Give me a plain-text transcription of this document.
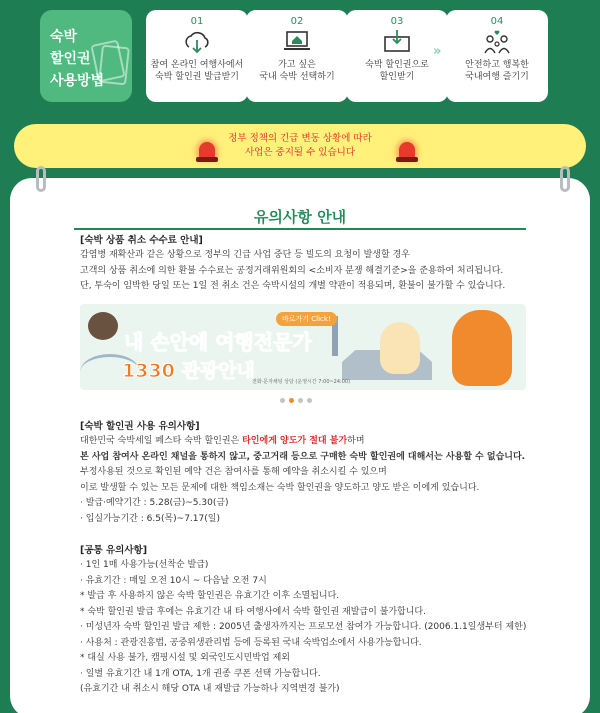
숙박
할인권
사용방법
01
참여 온라인 여행사에서
숙박 할인권 발급받기
02
가고 싶은
국내 숙박 선택하기
03
숙박 할인권으로
할인받기
04
안전하고 행복한
국내여행 즐기기
»
정부 정책의 긴급 변동 상황에 따라
사업은 중지될 수 있습니다
유의사항 안내
[숙박 상품 취소 수수료 안내]

감염병 재확산과 같은 상황으로 정부의 긴급 사업 중단 등 빌도의 요청이 발생할 경우

고객의 상품 취소에 의한 환불 수수료는 공정거래위원회의 <소비자 분쟁 해결기준>을 준용하여 처리됩니다.

단, 투숙이 임박한 당일 또는 1일 전 취소 건은 숙박시설의 개별 약관이 적용되며, 환불이 불가할 수 있습니다.

바로가기 Click!
내 손안에 여행전문가
1330 관광안내
전화·문자채팅 상담 (운영시간 7:00~24:00)
[숙박 할인권 사용 유의사항]

대한민국 숙박세일 페스타 숙박 할인권은 타인에게 양도가 절대 불가하며

본 사업 참여사 온라인 채널을 통하지 않고, 중고거래 등으로 구매한 숙박 할인권에 대해서는 사용할 수 없습니다.

부정사용된 것으로 확인된 예약 건은 참여사를 통해 예약을 취소시킬 수 있으며

이로 발생할 수 있는 모든 문제에 대한 책임소재는 숙박 할인권을 양도하고 양도 받은 이에게 있습니다.

· 발급·예약기간 : 5.28(금)~5.30(금)

· 입실가능기간 : 6.5(목)~7.17(일)

[공통 유의사항]

· 1인 1매 사용가능(선착순 발급)

· 유효기간 : 매일 오전 10시 ~ 다음날 오전 7시

* 발급 후 사용하지 않은 숙박 할인권은 유효기간 이후 소멸됩니다.

* 숙박 할인권 발급 후에는 유효기간 내 타 여행사에서 숙박 할인권 재발급이 불가합니다.

· 미성년자 숙박 할인권 발급 제한 : 2005년 출생자까지는 프로모션 참여가 가능합니다. (2006.1.1일생부터 제한)

· 사용처 : 관광진흥법, 공중위생관리법 등에 등록된 국내 숙박업소에서 사용가능합니다.

* 대실 사용 불가, 캠핑시설 및 외국인도시민박업 제외

· 일별 유효기간 내 1개 OTA, 1개 권종 쿠폰 선택 가능합니다.

(유효기간 내 취소시 해당 OTA 내 재발급 가능하나 지역변경 불가)
